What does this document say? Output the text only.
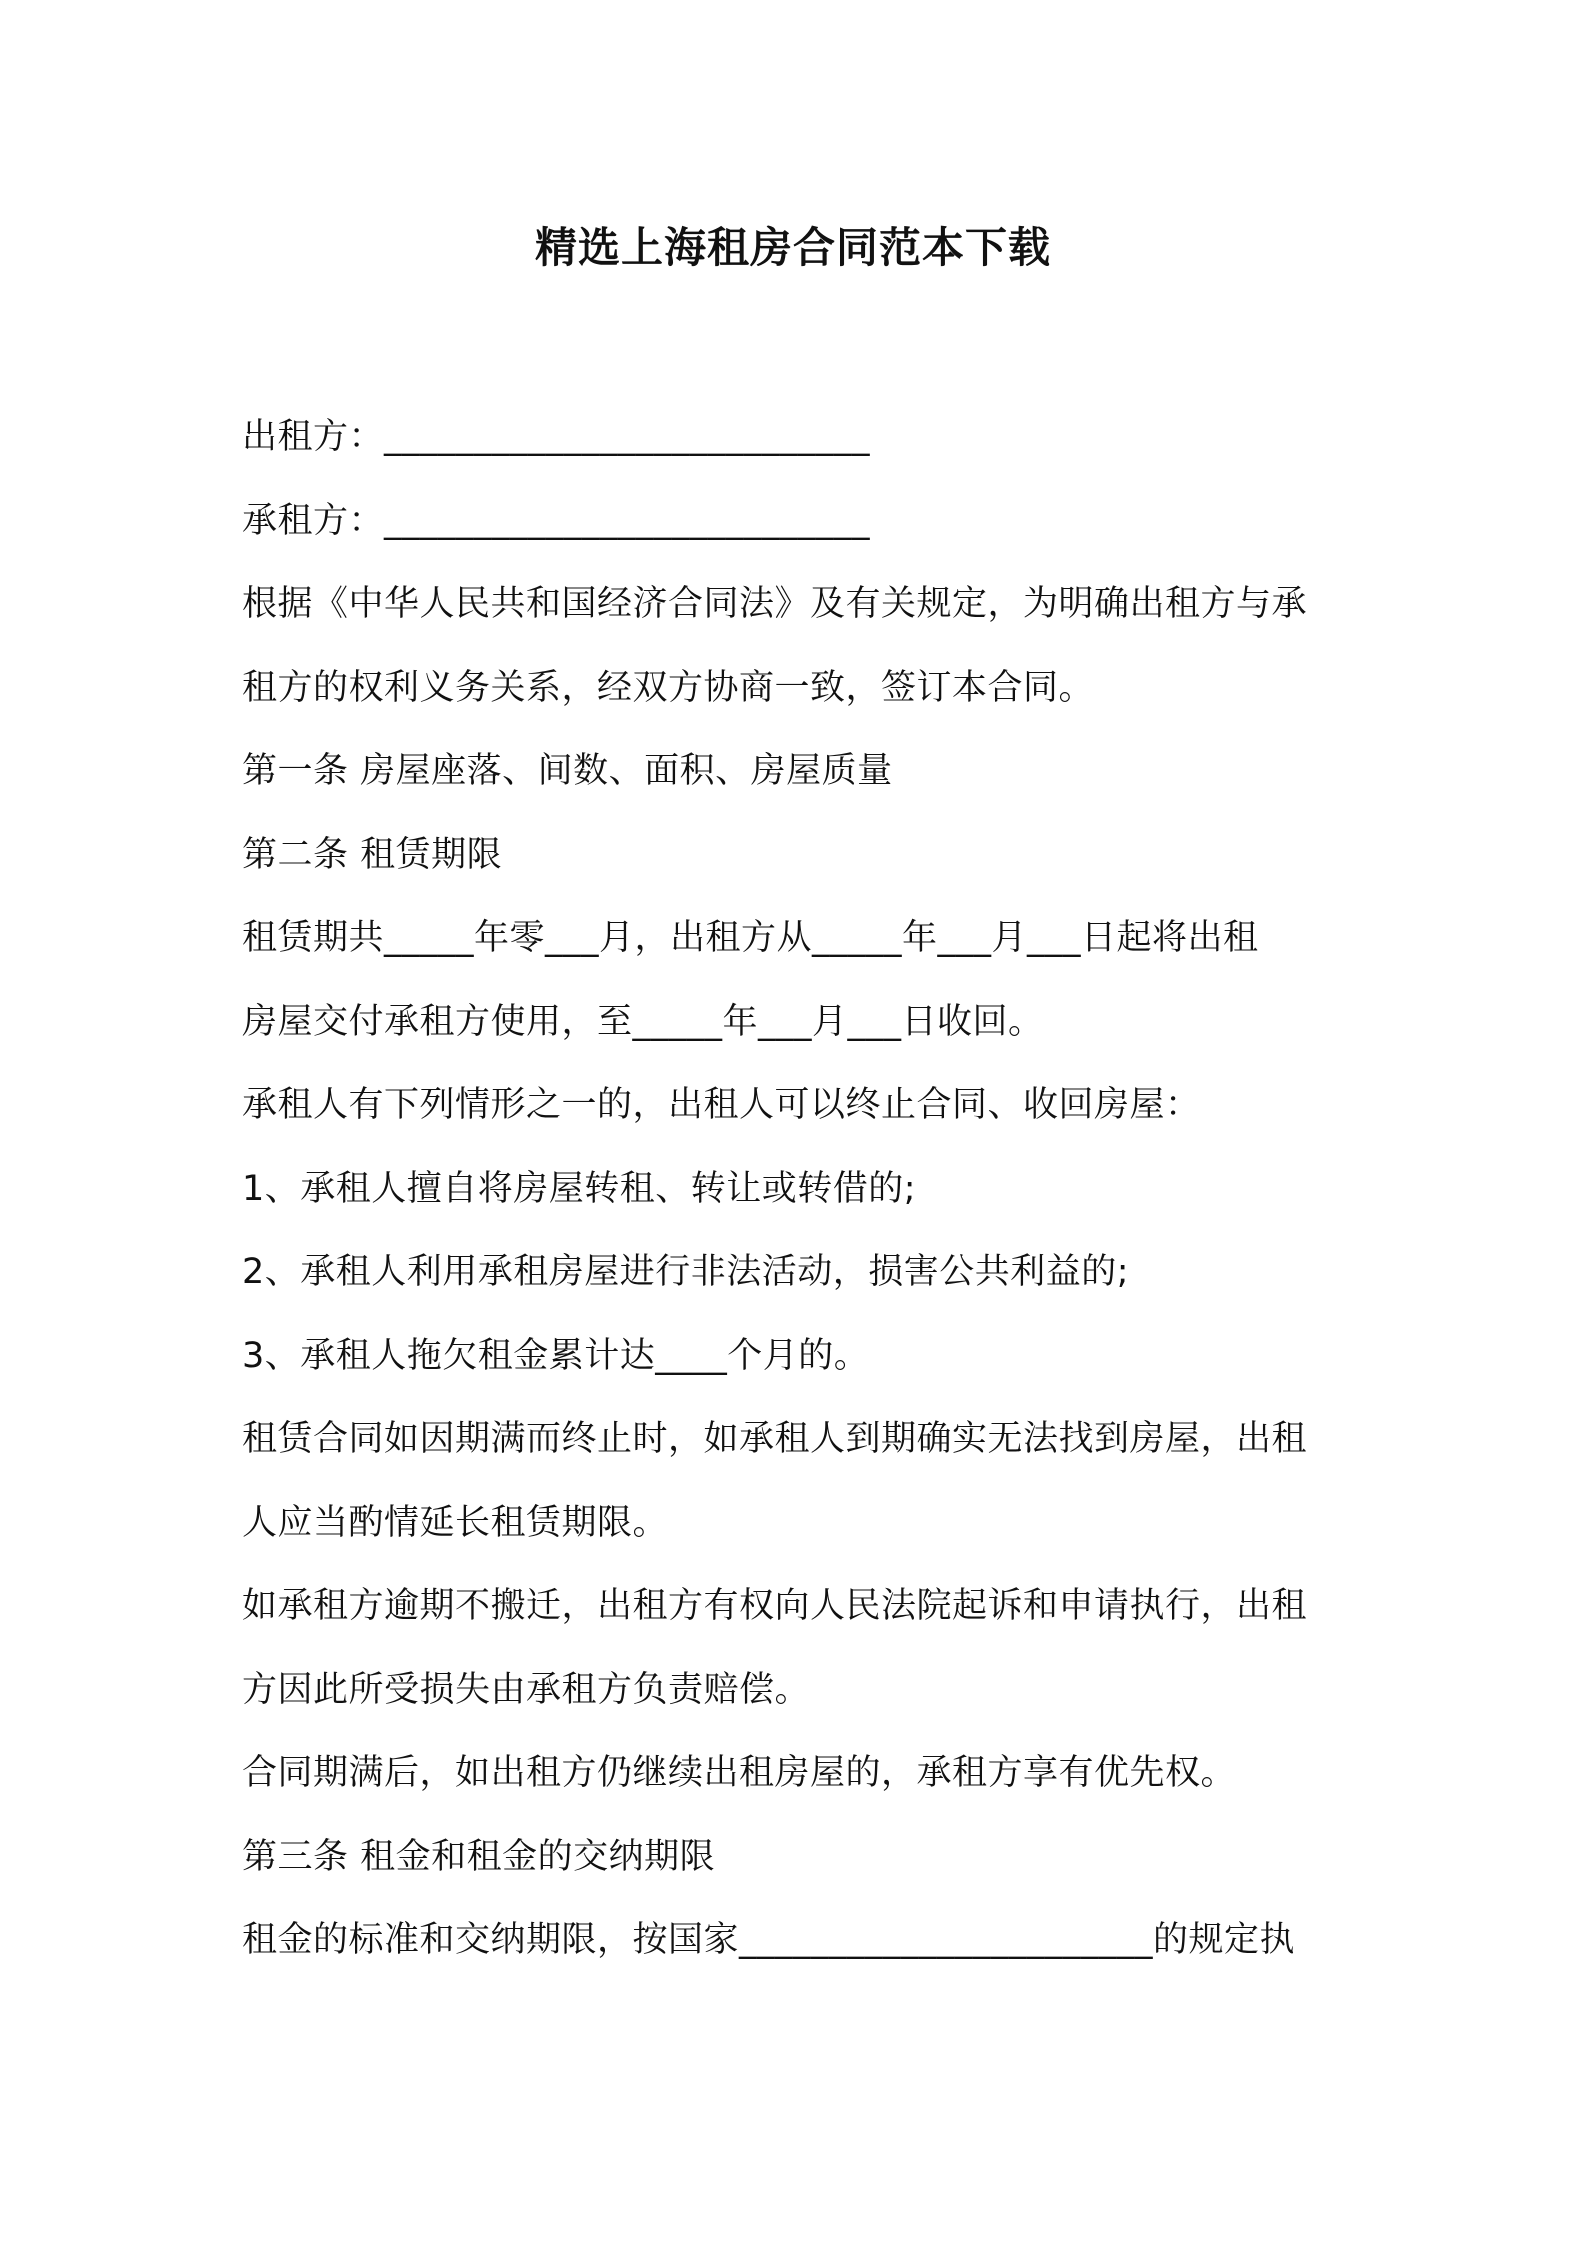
精选上海租房合同范本下载
出租方：___________________________
承租方：___________________________
根据《中华人民共和国经济合同法》及有关规定，为明确出租方与承
租方的权利义务关系，经双方协商一致，签订本合同。
第一条 房屋座落、间数、面积、房屋质量
第二条 租赁期限
租赁期共_____年零___月，出租方从_____年___月___日起将出租
房屋交付承租方使用，至_____年___月___日收回。
承租人有下列情形之一的，出租人可以终止合同、收回房屋：
1、承租人擅自将房屋转租、转让或转借的;
2、承租人利用承租房屋进行非法活动，损害公共利益的;
3、承租人拖欠租金累计达____个月的。
租赁合同如因期满而终止时，如承租人到期确实无法找到房屋，出租
人应当酌情延长租赁期限。
如承租方逾期不搬迁，出租方有权向人民法院起诉和申请执行，出租
方因此所受损失由承租方负责赔偿。
合同期满后，如出租方仍继续出租房屋的，承租方享有优先权。
第三条 租金和租金的交纳期限
租金的标准和交纳期限，按国家_______________________的规定执
